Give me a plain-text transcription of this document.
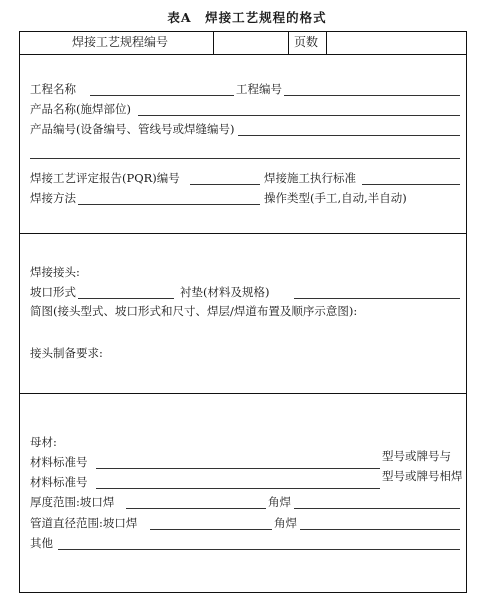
表A　焊接工艺规程的格式
焊接工艺规程编号	页数
工程名称	工程编号
产品名称(施焊部位)
产品编号(设备编号、管线号或焊缝编号)
焊接工艺评定报告(PQR)编号	焊接施工执行标准
焊接方法	操作类型(手工,自动,半自动)
焊接接头:
坡口形式	衬垫(材料及规格)
简图(接头型式、坡口形式和尺寸、焊层/焊道布置及顺序示意图):
接头制备要求:
母材:
材料标准号	型号或牌号与
材料标准号	型号或牌号相焊
厚度范围:坡口焊	角焊
管道直径范围:坡口焊	角焊
其他
